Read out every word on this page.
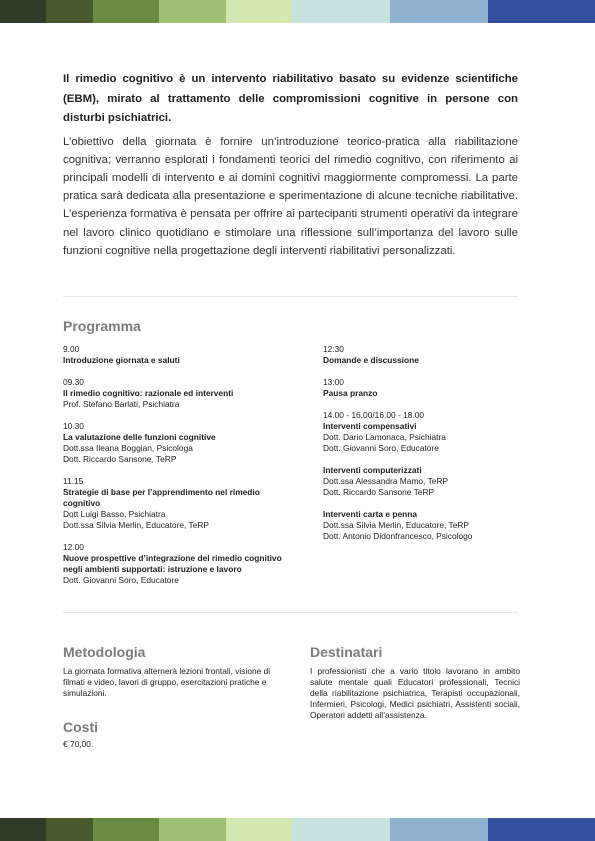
Il rimedio cognitivo è un intervento riabilitativo basato su evidenze scientifiche (EBM), mirato al trattamento delle compromissioni cognitive in persone con disturbi psichiatrici.

L’obiettivo della giornata è fornire un’introduzione teorico-pratica alla riabilitazione cognitiva; verranno esplorati i fondamenti teorici del rimedio cognitivo, con riferimento ai principali modelli di intervento e ai domini cognitivi maggiormente compromessi. La parte pratica sarà dedicata alla presentazione e sperimentazione di alcune tecniche riabilitative. L’esperienza formativa è pensata per offrire ai partecipanti strumenti operativi da integrare nel lavoro clinico quotidiano e stimolare una riflessione sull’importanza del lavoro sulle funzioni cognitive nella progettazione degli interventi riabilitativi personalizzati.

Programma
9.00
Introduzione giornata e saluti
09.30
Il rimedio cognitivo: razionale ed interventi
Prof. Stefano Barlati, Psichiatra
10.30
La valutazione delle funzioni cognitive
Dott.ssa Ileana Boggian, Psicologa
Dott. Riccardo Sansone, TeRP
11.15
Strategie di base per l’apprendimento nel rimedio cognitivo
Dott Luigi Basso, Psichiatra
Dott.ssa Silvia Merlin, Educatore, TeRP
12.00
Nuove prospettive d’integrazione del rimedio cognitivo negli ambienti supportati: istruzione e lavoro
Dott. Giovanni Soro, Educatore
12:30
Domande e discussione
13:00
Pausa pranzo
14.00 - 16.00/16.00 - 18.00
Interventi compensativi
Dott. Dario Lamonaca, Psichiatra
Dott. Giovanni Soro, Educatore
Interventi computerizzati
Dott.ssa Alessandra Mamo, TeRP
Dott. Riccardo Sansone TeRP
Interventi carta e penna
Dott.ssa Silvia Merlin, Educatore, TeRP
Dott. Antonio Didonfrancesco, Psicologo
Metodologia
La giornata formativa alternerà lezioni frontali, visione di filmati e video, lavori di gruppo, esercitazioni pratiche e simulazioni.
Costi
€ 70,00.
Destinatari
I professionisti che a vario titolo lavorano in ambito salute mentale quali Educatori professionali, Tecnici della riabilitazione psichiatrica, Terapisti occupazionali, Infermieri, Psicologi, Medici psichiatri, Assistenti sociali, Operatori addetti all’assistenza.
